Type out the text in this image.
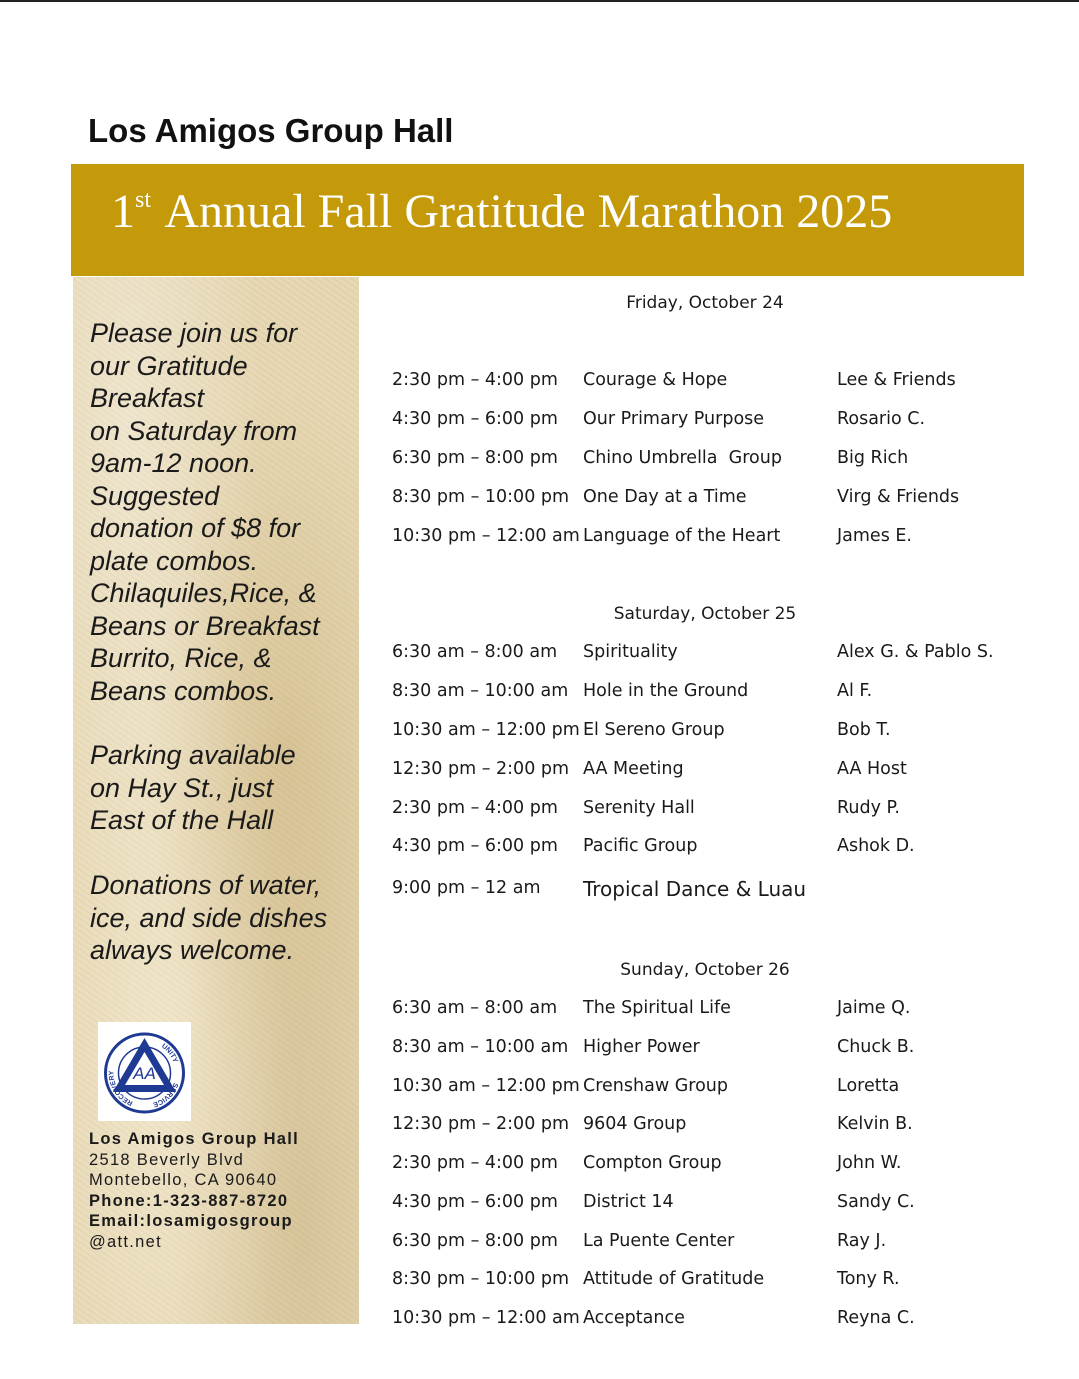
Los Amigos Group Hall
1st Annual Fall Gratitude Marathon 2025

Please join us for
our Gratitude
Breakfast
on Saturday from
9am-12 noon.
Suggested
donation of $8 for
plate combos.
Chilaquiles,Rice, &
Beans or Breakfast
Burrito, Rice, &
Beans combos.

Parking available
on Hay St., just
East of the Hall

Donations of water,
ice, and side dishes
always welcome.

AA
UNITY
SERVICE
RECOVERY
Los Amigos Group Hall
2518 Beverly Blvd
Montebello, CA 90640
Phone:1-323-887-8720
Email:losamigosgroup
@att.net
Friday, October 24
2:30 pm – 4:00 pm Courage & Hope	Lee & Friends
4:30 pm – 6:00 pm Our Primary Purpose	Rosario C.
6:30 pm – 8:00 pm Chino Umbrella  Group	Big Rich
8:30 pm – 10:00 pm One Day at a Time	Virg & Friends
10:30 pm – 12:00 am Language of the Heart	James E.
Saturday, October 25
6:30 am – 8:00 am Spirituality	Alex G. & Pablo S.
8:30 am – 10:00 am Hole in the Ground	Al F.
10:30 am – 12:00 pm El Sereno Group	Bob T.
12:30 pm – 2:00 pm AA Meeting	AA Host
2:30 pm – 4:00 pm Serenity Hall	Rudy P.
4:30 pm – 6:00 pm Pacific Group	Ashok D.
9:00 pm – 12 am Tropical Dance & Luau
Sunday, October 26
6:30 am – 8:00 am The Spiritual Life	Jaime Q.
8:30 am – 10:00 am Higher Power	Chuck B.
10:30 am – 12:00 pm Crenshaw Group	Loretta
12:30 pm – 2:00 pm 9604 Group	Kelvin B.
2:30 pm – 4:00 pm Compton Group	John W.
4:30 pm – 6:00 pm District 14	Sandy C.
6:30 pm – 8:00 pm La Puente Center	Ray J.
8:30 pm – 10:00 pm Attitude of Gratitude	Tony R.
10:30 pm – 12:00 am Acceptance	Reyna C.
